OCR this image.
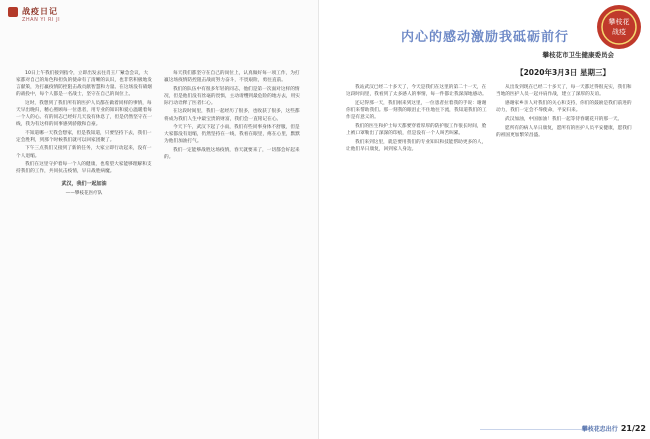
战疫日记
ZHAN YI RI JI

10日上午我们接到指令，立即出发去往肖王厂紧急会议，大家都对自己的角色和担负的使命有了清晰的认识，也非常积极地发言献策，为打赢疫情防控阻击战贡献智慧和力量。在这场没有硝烟的战役中，每个人都是一名战士，坚守在自己的岗位上。

这时，我想到了我们所有的医护人员都在做着同样的事情，每天早出晚归，精心照顾每一位患者，用专业的知识和爱心温暖着每一个人的心。有的同志已经好几天没有休息了，但是仍然坚守在一线，我为有这样的同事感到骄傲和自豪。

不知道哪一天我会想家，但是我知道，只要坚持下去，我们一定会胜利，到那个时候我们就可以回家团聚了。

下午三点我们又接到了新的任务，大家立即行动起来，没有一个人退缩。

我们在这里守护着每一个人的健康，也希望大家能够理解和支持我们的工作，共同抗击疫情，早日战胜病魔。

武汉，我们一起加油
——攀枝花医疗队

每天我们都坚守在自己的岗位上，认真做好每一项工作，为打赢这场疫情防控阻击战而努力奋斗，不畏艰险，勇往直前。

我们的队伍中有很多年轻的同志，他们是第一次面对这样的情况，但是他们没有丝毫的畏惧，主动请缨到最危险的地方去，用实际行动诠释了医者仁心。

在这段时间里，我们一起经历了很多，也收获了很多，这些都将成为我们人生中最宝贵的财富，我们会一直铭记在心。

今天下午，武汉下起了小雨，我们有些同事身体不舒服，但是大家都没有退缩，仍然坚持在一线，我看在眼里，疼在心里，默默为他们加油打气。

我们一定能够战胜这场疫情，春天就要来了，一切都会好起来的。

攀枝花
战疫
内心的感动激励我砥砺前行
攀枝花市卫生健康委员会
【2020年3月3日 星期三】

我站武汉已经二十多天了，今天是我们在这里的第二十一天，在这段时间里，我看到了太多感人的事情，每一件都让我深深地感动。

还记得那一天，我们刚来到这里，一位患者拉着我的手说：谢谢你们来帮助我们。那一刻我的眼泪止不住地往下流，我知道我们的工作是有意义的。

我们的医生和护士每天都要穿着厚厚的防护服工作很长时间，脸上被口罩勒出了深深的印痕，但是没有一个人叫苦叫累。

我们来到这里，就是要用我们的专业知识和技能帮助更多的人，让他们早日康复，回到家人身边。

从出发到现在已经二十多天了，每一天都过得很充实，我们和当地的医护人员一起并肩作战，建立了深厚的友谊。

感谢家乡亲人对我们的关心和支持，你们的鼓励是我们前进的动力，我们一定会不辱使命，平安归来。

武汉加油，中国加油！我们一起等待春暖花开的那一天。

愿所有的病人早日康复，愿所有的医护人员平安健康，愿我们的祖国更加繁荣昌盛。

攀枝花忠出行 21/22
